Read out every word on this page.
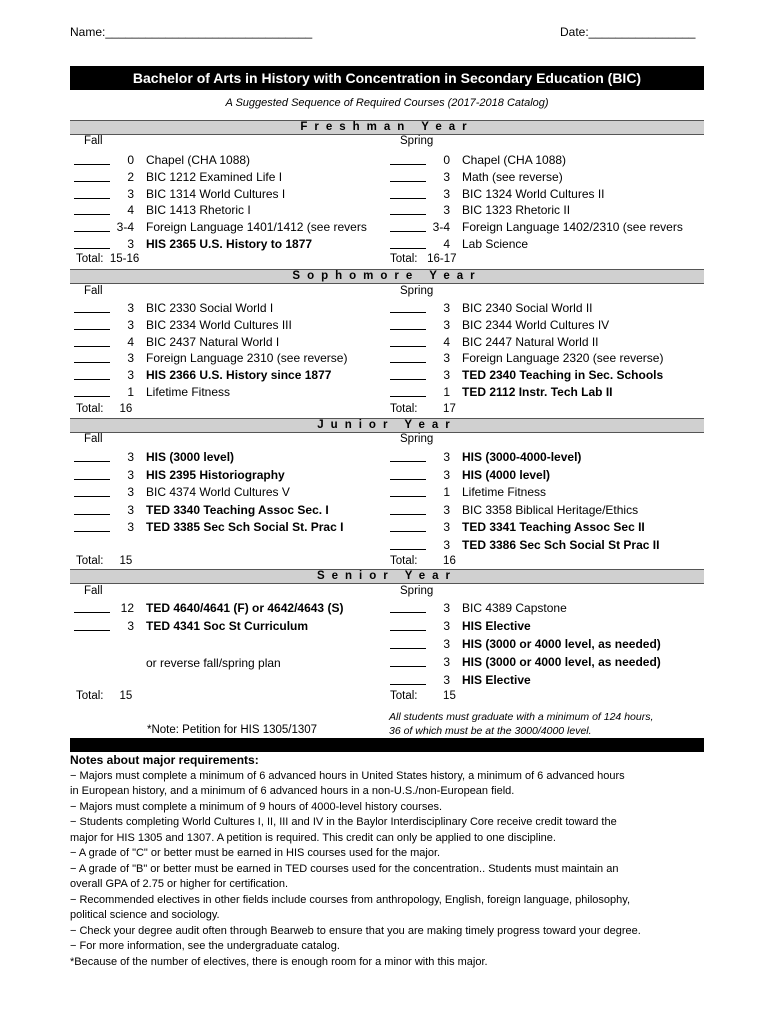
Name:_______________________________	Date:________________
Bachelor of Arts in History with Concentration in Secondary Education (BIC)
A Suggested Sequence of Required Courses (2017-2018 Catalog)
Freshman Year
Fall
0 Chapel (CHA 1088)
2 BIC 1212 Examined Life I
3 BIC 1314 World Cultures I
4 BIC 1413 Rhetoric I
3-4 Foreign Language 1401/1412 (see revers
3 HIS 2365 U.S. History to 1877
Total:  15-16
Spring
0 Chapel (CHA 1088)
3 Math (see reverse)
3 BIC 1324 World Cultures II
3 BIC 1323 Rhetoric II
3-4 Foreign Language 1402/2310 (see revers
4 Lab Science
Total:   16-17
Sophomore Year
Fall
3 BIC 2330 Social World I
3 BIC 2334 World Cultures III
4 BIC 2437 Natural World I
3 Foreign Language 2310 (see reverse)
3 HIS 2366 U.S. History since 1877
1 Lifetime Fitness
Total:     16
Spring
3 BIC 2340 Social World II
3 BIC 2344 World Cultures IV
4 BIC 2447 Natural World II
3 Foreign Language 2320 (see reverse)
3 TED 2340 Teaching in Sec. Schools
1 TED 2112 Instr. Tech Lab II
Total:        17
Junior Year
Fall
3 HIS (3000 level)
3 HIS 2395 Historiography
3 BIC 4374 World Cultures V
3 TED 3340 Teaching Assoc Sec. I
3 TED 3385 Sec Sch Social St. Prac I
Total:     15
Spring
3 HIS (3000-4000-level)
3 HIS (4000 level)
1 Lifetime Fitness
3 BIC 3358 Biblical Heritage/Ethics
3 TED 3341 Teaching Assoc Sec II
3 TED 3386 Sec Sch Social St Prac II
Total:        16
Senior Year
Fall
12 TED 4640/4641 (F) or 4642/4643 (S)
3 TED 4341 Soc St Curriculum
Total:     15
Spring
3 BIC 4389 Capstone
3 HIS Elective
3 HIS (3000 or 4000 level, as needed)
3 HIS (3000 or 4000 level, as needed)
3 HIS Elective
Total:        15
or reverse fall/spring plan
*Note: Petition for HIS 1305/1307
All students must graduate with a minimum of 124 hours,
36 of which must be at the 3000/4000 level.
Notes about major requirements:
− Majors must complete a minimum of 6 advanced hours in United States history, a minimum of 6 advanced hours
in European history, and a minimum of 6 advanced hours in a non-U.S./non-European field.
− Majors must complete a minimum of 9 hours of 4000-level history courses.
− Students completing World Cultures I, II, III and IV in the Baylor Interdisciplinary Core receive credit toward the
major for HIS 1305 and 1307. A petition is required. This credit can only be applied to one discipline.
− A grade of "C" or better must be earned in HIS courses used for the major.
− A grade of "B" or better must be earned in TED courses used for the concentration.. Students must maintain an
overall GPA of 2.75 or higher for certification.
− Recommended electives in other fields include courses from anthropology, English, foreign language, philosophy,
political science and sociology.
− Check your degree audit often through Bearweb to ensure that you are making timely progress toward your degree.
− For more information, see the undergraduate catalog.
*Because of the number of electives, there is enough room for a minor with this major.
